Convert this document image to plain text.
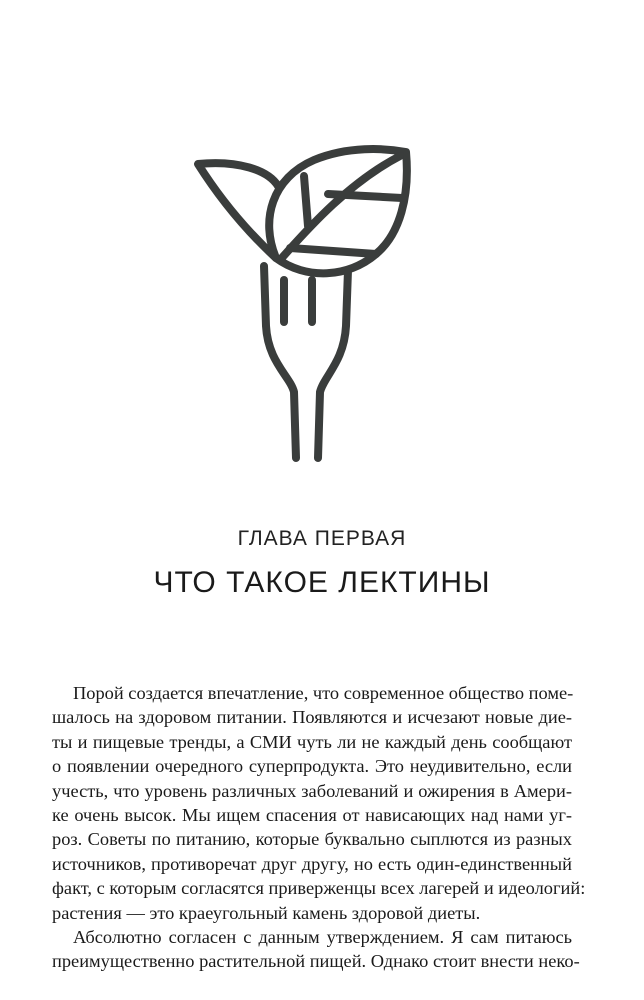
ГЛАВА ПЕРВАЯ
ЧТО ТАКОЕ ЛЕКТИНЫ
Порой создается впечатление, что современное общество поме-
шалось на здоровом питании. Появляются и исчезают новые дие-
ты и пищевые тренды, а СМИ чуть ли не каждый день сообщают
о появлении очередного суперпродукта. Это неудивительно, если
учесть, что уровень различных заболеваний и ожирения в Амери-
ке очень высок. Мы ищем спасения от нависающих над нами уг-
роз. Советы по питанию, которые буквально сыплются из разных
источников, противоречат друг другу, но есть один-единственный
факт, с которым согласятся приверженцы всех лагерей и идеологий:
растения — это краеугольный камень здоровой диеты.
Абсолютно согласен с данным утверждением. Я сам питаюсь
преимущественно растительной пищей. Однако стоит внести неко-
